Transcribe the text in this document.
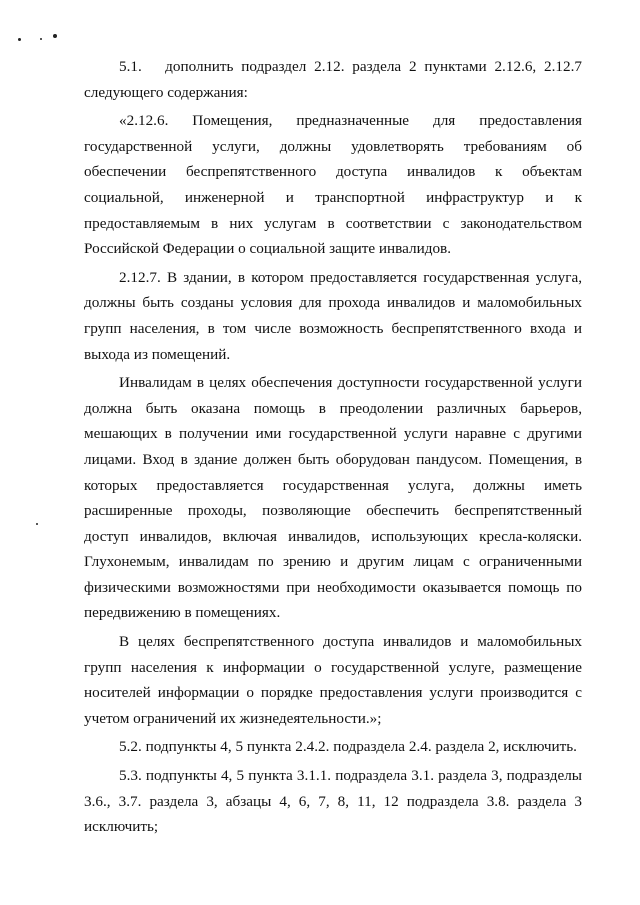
5.1.   дополнить подраздел 2.12. раздела 2 пунктами 2.12.6, 2.12.7 следующего содержания:

«2.12.6.    Помещения,    предназначенные    для    предоставления государственной услуги, должны удовлетворять требованиям об обеспечении беспрепятственного доступа инвалидов к объектам социальной, инженерной и транспортной инфраструктур и к предоставляемым в них услугам в соответствии с законодательством Российской Федерации о социальной защите инвалидов.

2.12.7. В здании, в котором предоставляется государственная услуга, должны быть созданы условия для прохода инвалидов и маломобильных групп населения, в том числе возможность беспрепятственного входа и выхода из помещений.

Инвалидам в целях обеспечения доступности государственной услуги должна быть оказана помощь в преодолении различных барьеров, мешающих в получении ими государственной услуги наравне с другими лицами. Вход в здание должен быть оборудован пандусом. Помещения, в которых предоставляется государственная услуга, должны иметь расширенные проходы, позволяющие обеспечить беспрепятственный доступ инвалидов, включая инвалидов, использующих кресла-коляски. Глухонемым, инвалидам по зрению и другим лицам с ограниченными физическими возможностями при необходимости оказывается помощь по передвижению в помещениях.

В целях беспрепятственного доступа инвалидов и маломобильных групп населения к информации о государственной услуге, размещение носителей информации о порядке предоставления услуги производится с учетом ограничений их жизнедеятельности.»;

5.2. подпункты 4, 5 пункта 2.4.2. подраздела 2.4. раздела 2, исключить.

5.3. подпункты 4, 5 пункта 3.1.1. подраздела 3.1. раздела 3, подразделы 3.6., 3.7. раздела 3, абзацы 4, 6, 7, 8, 11, 12 подраздела 3.8. раздела 3 исключить;
